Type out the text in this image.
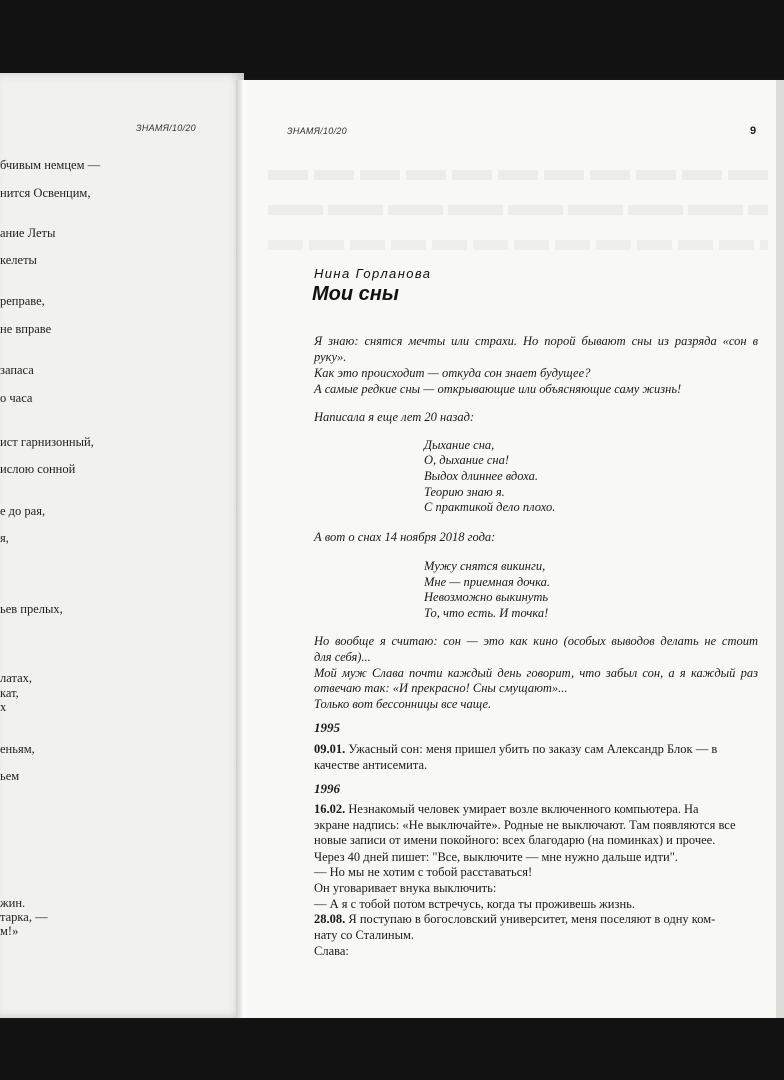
ЗНАМЯ/10/20
бчивым немцем —
нится Освенцим,
ание Леты
келеты
реправе,
не вправе
запаса
о часа
ист гарнизонный,
ислою сонной
е до рая,
я,
ьев прелых,
латах,
кат,
х
еньям,
ьем
жин.
тарка, —
м!»
ЗНАМЯ/10/20	9
Нина Горланова
Мои сны
Я знаю: снятся мечты или страхи. Но порой бывают сны из разряда «сон в
руку».
Как это происходит — откуда сон знает будущее?
А самые редкие сны — открывающие или объясняющие саму жизнь!
Написала я еще лет 20 назад:
Дыхание сна,
О, дыхание сна!
Выдох длиннее вдоха.
Теорию знаю я.
С практикой дело плохо.
А вот о снах 14 ноября 2018 года:
Мужу снятся викинги,
Мне — приемная дочка.
Невозможно выкинуть
То, что есть. И точка!
Но вообще я считаю: сон — это как кино (особых выводов делать не стоит
для себя)...
Мой муж Слава почти каждый день говорит, что забыл сон, а я каждый раз
отвечаю так: «И прекрасно! Сны смущают»...
Только вот бессонницы все чаще.
1995
09.01. Ужасный сон: меня пришел убить по заказу сам Александр Блок — в
качестве антисемита.
1996
16.02. Незнакомый человек умирает возле включенного компьютера. На
экране надпись: «Не выключайте». Родные не выключают. Там появляются все
новые записи от имени покойного: всех благодарю (на поминках) и прочее.
Через 40 дней пишет: "Все, выключите — мне нужно дальше идти".
— Но мы не хотим с тобой расставаться!
Он уговаривает внука выключить:
— А я с тобой потом встречусь, когда ты проживешь жизнь.
28.08. Я поступаю в богословский университет, меня поселяют в одну ком-
нату со Сталиным.
Слава:
